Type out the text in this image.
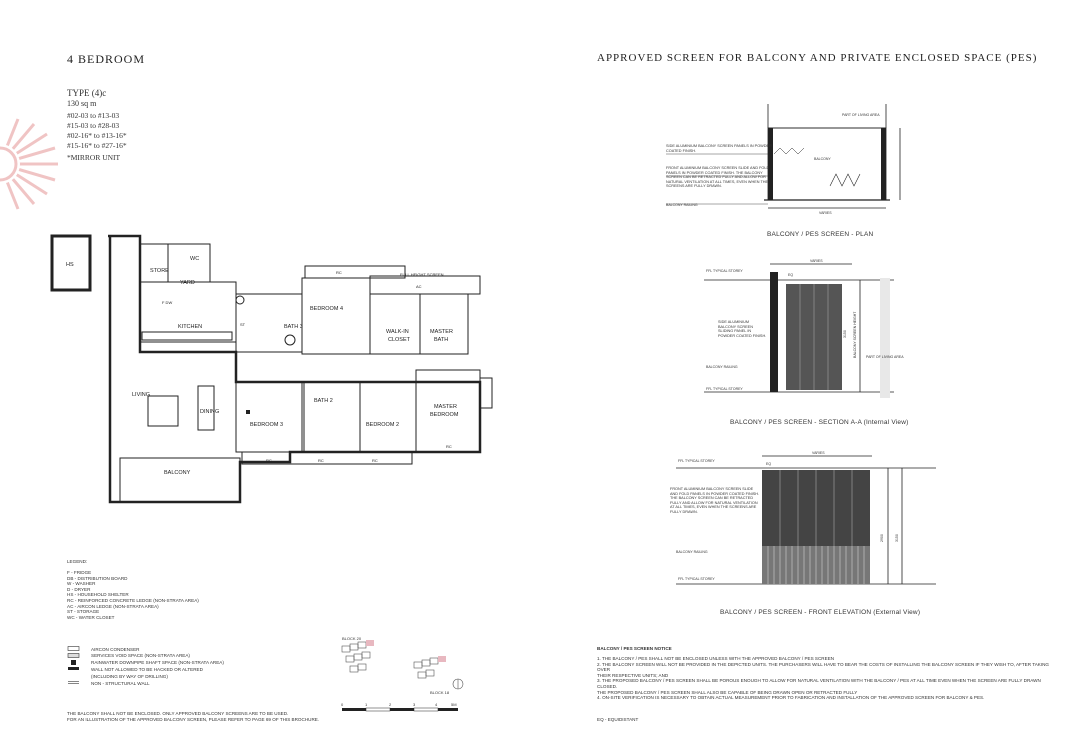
4 BEDROOM
TYPE (4)c
130 sq m
#02-03 to #13-03
#15-03 to #28-03
#02-16* to #13-16*
#15-16* to #27-16*
*MIRROR UNIT
HS
STORE
WC
YARD
KITCHEN	BATH 3
BEDROOM 4
WALK-IN
CLOSET
MASTER
BATH
LIVING
DINING
BATH 2
BEDROOM 3	BEDROOM 2
MASTER
BEDROOM
BALCONY
RC	FULL HEIGHT SCREEN
AC
ST
F DW
RC	RC	RC
RC
LEGEND:
F - FRIDGE
DB - DISTRIBUTION BOARD
W - WASHER
D - DRYER
HS - HOUSEHOLD SHELTER
RC - REINFORCED CONCRETE LEDGE (NON-STRATA AREA)
AC - AIRCON LEDGE (NON-STRATA AREA)
ST - STORAGE
WC - WATER CLOSET
AIRCON CONDENSER
SERVICES VOID SPACE (NON-STRATA AREA)
RAINWATER DOWNPIPE SHAFT SPACE (NON-STRATA AREA)
WALL NOT ALLOWED TO BE HACKED OR ALTERED
(INCLUDING BY WAY OF DRILLING)
NON - STRUCTURAL WALL
THE BALCONY SHALL NOT BE ENCLOSED. ONLY APPROVED BALCONY SCREENS ARE TO BE USED.
FOR AN ILLUSTRATION OF THE APPROVED BALCONY SCREEN, PLEASE REFER TO PAGE 69 OF THIS BROCHURE.
BLOCK 20
BLOCK 18
0	1	2	3	4	5M
APPROVED SCREEN FOR BALCONY AND PRIVATE ENCLOSED SPACE (PES)
PART OF LIVING AREA
BALCONY
VARIES
BALCONY RAILING
SIDE ALUMINIUM BALCONY SCREEN PANELS IN POWDER COATED FINISH.
FRONT ALUMINIUM BALCONY SCREEN SLIDE AND FOLD PANELS IN POWDER COATED FINISH. THE BALCONY SCREEN CAN BE RETRACTED FULLY AND ALLOW FOR NATURAL VENTILATION AT ALL TIMES, EVEN WHEN THE SCREENS ARE FULLY DRAWN.
BALCONY / PES SCREEN - PLAN
FFL TYPICAL STOREY
FFL TYPICAL STOREY
BALCONY RAILING
VARIES
EQ
PART OF LIVING AREA
3150 BALCONY SCREEN HEIGHT
SIDE ALUMINIUM BALCONY SCREEN SLIDING PANEL IN POWDER COATED FINISH.
BALCONY / PES SCREEN - SECTION A-A (Internal View)
FFL TYPICAL STOREY
FFL TYPICAL STOREY
BALCONY RAILING
VARIES
EQ
2900	3150
FRONT ALUMINIUM BALCONY SCREEN SLIDE AND FOLD PANELS IN POWDER COATED FINISH. THE BALCONY SCREEN CAN BE RETRACTED FULLY AND ALLOW FOR NATURAL VENTILATION AT ALL TIMES, EVEN WHEN THE SCREENS ARE FULLY DRAWN.
BALCONY / PES SCREEN - FRONT ELEVATION (External View)
BALCONY / PES SCREEN NOTICE
1. THE BALCONY / PES SHALL NOT BE ENCLOSED UNLESS WITH THE APPROVED BALCONY / PES SCREEN
2. THE BALCONY SCREEN WILL NOT BE PROVIDED IN THE DEPICTED UNITS. THE PURCHASERS WILL HAVE TO BEAR THE COSTS OF INSTALLING THE BALCONY SCREEN IF THEY WISH TO, AFTER TAKING OVER
THEIR RESPECTIVE UNITS; AND
3. THE PROPOSED BALCONY / PES SCREEN SHALL BE POROUS ENOUGH TO ALLOW FOR NATURAL VENTILATION WITH THE BALCONY / PES AT ALL TIME EVEN WHEN THE SCREEN ARE FULLY DRAWN CLOSED.
THE PROPOSED BALCONY / PES SCREEN SHALL ALSO BE CAPABLE OF BEING DRAWN OPEN OR RETRACTED FULLY
4. ON-SITE VERIFICATION IS NECESSARY TO OBTAIN ACTUAL MEASUREMENT PRIOR TO FABRICATION AND INSTALLATION OF THE APPROVED SCREEN FOR BALCONY & PES.
EQ - EQUIDISTANT
